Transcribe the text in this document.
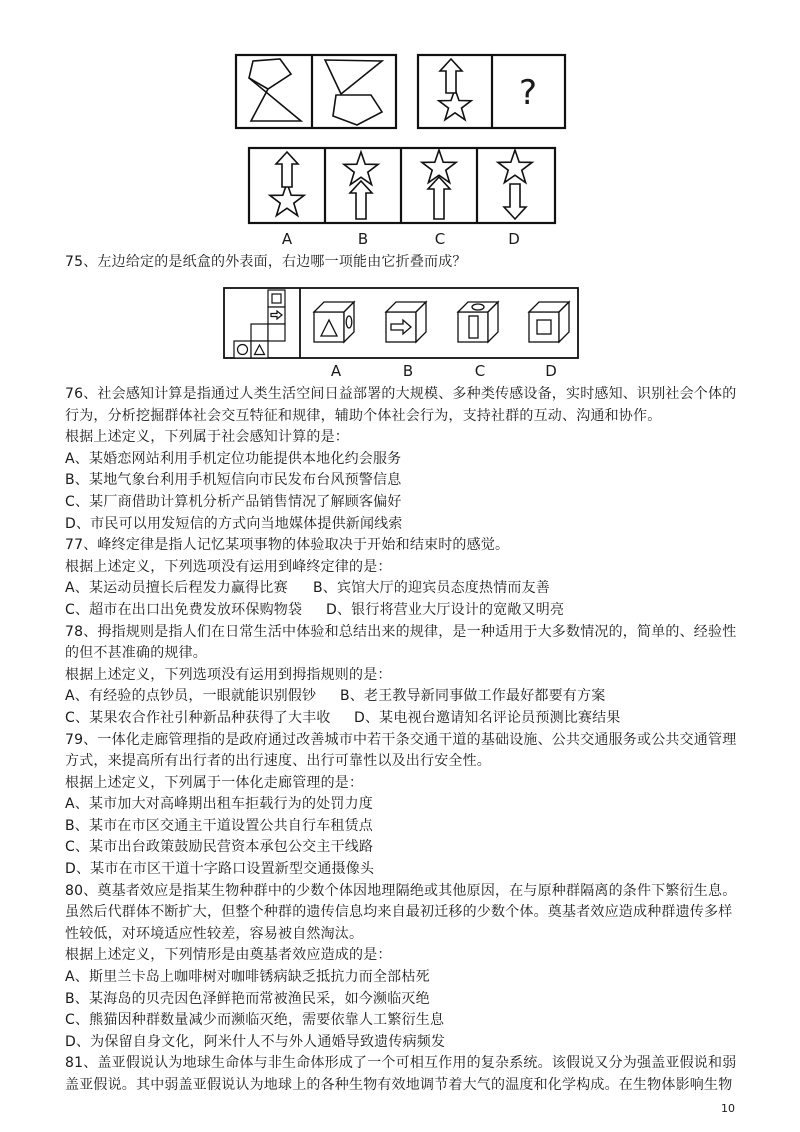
?
A	B	C	D
A	B	C	D
75、左边给定的是纸盒的外表面，右边哪一项能由它折叠而成？
76、社会感知计算是指通过人类生活空间日益部署的大规模、多种类传感设备，实时感知、识别社会个体的
行为，分析挖掘群体社会交互特征和规律，辅助个体社会行为，支持社群的互动、沟通和协作。
根据上述定义，下列属于社会感知计算的是：
A、某婚恋网站利用手机定位功能提供本地化约会服务
B、某地气象台利用手机短信向市民发布台风预警信息
C、某厂商借助计算机分析产品销售情况了解顾客偏好
D、市民可以用发短信的方式向当地媒体提供新闻线索
77、峰终定律是指人记忆某项事物的体验取决于开始和结束时的感觉。
根据上述定义，下列选项没有运用到峰终定律的是：
A、某运动员擅长后程发力赢得比赛 B、宾馆大厅的迎宾员态度热情而友善
C、超市在出口出免费发放环保购物袋 D、银行将营业大厅设计的宽敞又明亮
78、拇指规则是指人们在日常生活中体验和总结出来的规律，是一种适用于大多数情况的，简单的、经验性
的但不甚准确的规律。
根据上述定义，下列选项没有运用到拇指规则的是：
A、有经验的点钞员，一眼就能识别假钞 B、老王教导新同事做工作最好都要有方案
C、某果农合作社引种新品种获得了大丰收 D、某电视台邀请知名评论员预测比赛结果
79、一体化走廊管理指的是政府通过改善城市中若干条交通干道的基础设施、公共交通服务或公共交通管理
方式，来提高所有出行者的出行速度、出行可靠性以及出行安全性。
根据上述定义，下列属于一体化走廊管理的是：
A、某市加大对高峰期出租车拒载行为的处罚力度
B、某市在市区交通主干道设置公共自行车租赁点
C、某市出台政策鼓励民营资本承包公交主干线路
D、某市在市区干道十字路口设置新型交通摄像头
80、奠基者效应是指某生物种群中的少数个体因地理隔绝或其他原因，在与原种群隔离的条件下繁衍生息。
虽然后代群体不断扩大，但整个种群的遗传信息均来自最初迁移的少数个体。奠基者效应造成种群遗传多样
性较低，对环境适应性较差，容易被自然淘汰。
根据上述定义，下列情形是由奠基者效应造成的是：
A、斯里兰卡岛上咖啡树对咖啡锈病缺乏抵抗力而全部枯死
B、某海岛的贝壳因色泽鲜艳而常被渔民采，如今濒临灭绝
C、熊猫因种群数量减少而濒临灭绝，需要依靠人工繁衍生息
D、为保留自身文化，阿米什人不与外人通婚导致遗传病频发
81、盖亚假说认为地球生命体与非生命体形成了一个可相互作用的复杂系统。该假说又分为强盖亚假说和弱
盖亚假说。其中弱盖亚假说认为地球上的各种生物有效地调节着大气的温度和化学构成。在生物体影响生物
10
